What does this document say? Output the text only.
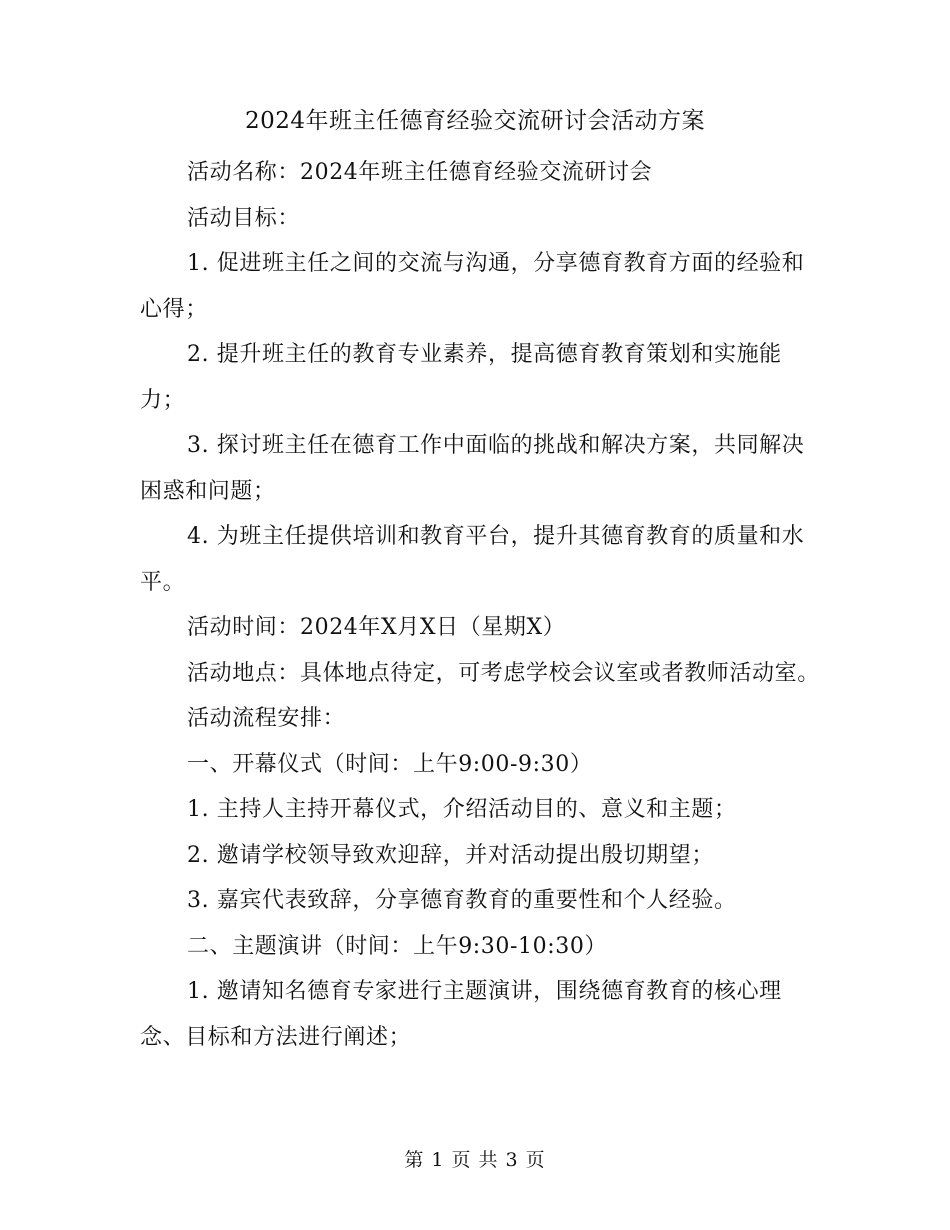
2024年班主任德育经验交流研讨会活动方案

活动名称：2024年班主任德育经验交流研讨会

活动目标：

1. 促进班主任之间的交流与沟通，分享德育教育方面的经验和心得；

2. 提升班主任的教育专业素养，提高德育教育策划和实施能力；

3. 探讨班主任在德育工作中面临的挑战和解决方案，共同解决困惑和问题；

4. 为班主任提供培训和教育平台，提升其德育教育的质量和水平。

活动时间：2024年X月X日（星期X）

活动地点：具体地点待定，可考虑学校会议室或者教师活动室。

活动流程安排：

一、开幕仪式（时间：上午9:00-9:30）

1. 主持人主持开幕仪式，介绍活动目的、意义和主题；

2. 邀请学校领导致欢迎辞，并对活动提出殷切期望；

3. 嘉宾代表致辞，分享德育教育的重要性和个人经验。

二、主题演讲（时间：上午9:30-10:30）

1. 邀请知名德育专家进行主题演讲，围绕德育教育的核心理念、目标和方法进行阐述；

第 1 页 共 3 页
